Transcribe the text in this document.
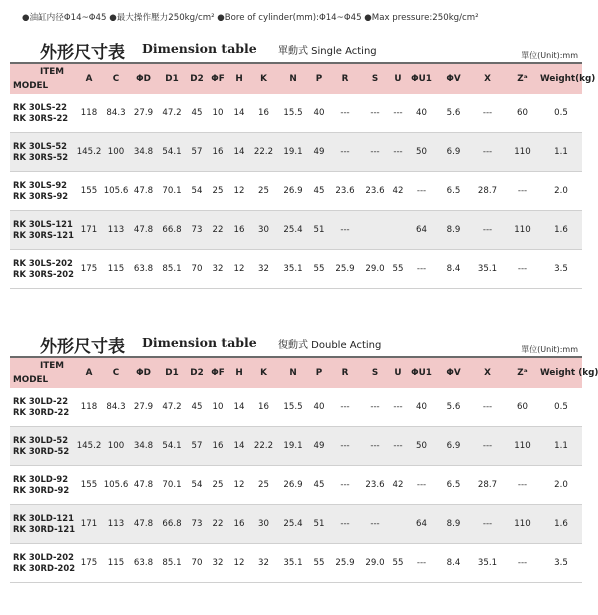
●油缸内径Φ14~Φ45 ●最大操作壓力250kg/cm² ●Bore of cylinder(mm):Φ14~Φ45 ●Max pressure:250kg/cm²
外形尺寸表 Dimension table 單動式 Single Acting	單位(Unit):mm
ITEM
MODEL	A	C	ΦD	D1	D2	ΦF	H	K	N	P	R	S	U	ΦU1	ΦV	X	Zᵃ	Weight(kg)

RK 30LS-22
RK 30RS-22	118	84.3	27.9	47.2	45	10	14	16	15.5	40	---	---	---	40	5.6	---	60	0.5

RK 30LS-52
RK 30RS-52	145.2	100	34.8	54.1	57	16	14	22.2	19.1	49	---	---	---	50	6.9	---	110	1.1

RK 30LS-92
RK 30RS-92	155	105.6	47.8	70.1	54	25	12	25	26.9	45	23.6	23.6	42	---	6.5	28.7	---	2.0

RK 30LS-121
RK 30RS-121	171	113	47.8	66.8	73	22	16	30	25.4	51	---			64	8.9	---	110	1.6

RK 30LS-202
RK 30RS-202	175	115	63.8	85.1	70	32	12	32	35.1	55	25.9	29.0	55	---	8.4	35.1	---	3.5
外形尺寸表 Dimension table 復動式 Double Acting	單位(Unit):mm
ITEM
MODEL	A	C	ΦD	D1	D2	ΦF	H	K	N	P	R	S	U	ΦU1	ΦV	X	Zᵃ	Weight (kg)

RK 30LD-22
RK 30RD-22	118	84.3	27.9	47.2	45	10	14	16	15.5	40	---	---	---	40	5.6	---	60	0.5

RK 30LD-52
RK 30RD-52	145.2	100	34.8	54.1	57	16	14	22.2	19.1	49	---	---	---	50	6.9	---	110	1.1

RK 30LD-92
RK 30RD-92	155	105.6	47.8	70.1	54	25	12	25	26.9	45	---	23.6	42	---	6.5	28.7	---	2.0

RK 30LD-121
RK 30RD-121	171	113	47.8	66.8	73	22	16	30	25.4	51	---	---		64	8.9	---	110	1.6

RK 30LD-202
RK 30RD-202	175	115	63.8	85.1	70	32	12	32	35.1	55	25.9	29.0	55	---	8.4	35.1	---	3.5
